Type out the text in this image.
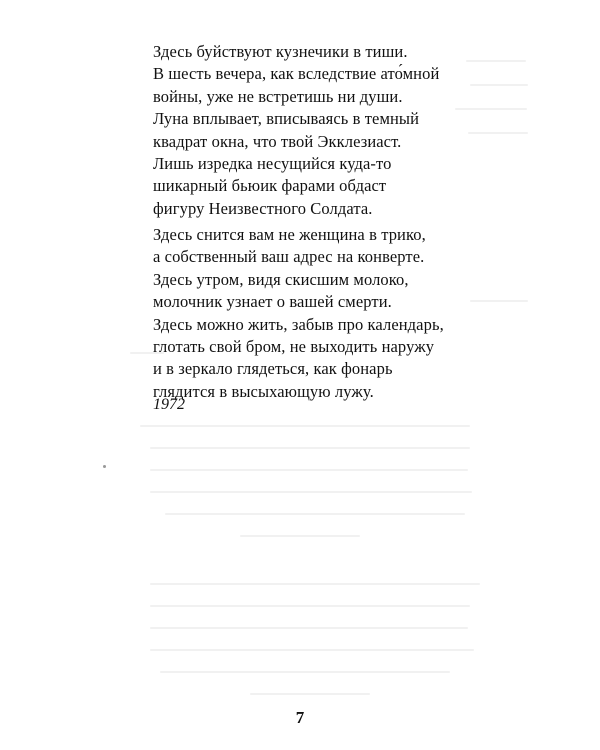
Здесь буйствуют кузнечики в тиши.
В шесть вечера, как вследствие ато́мной
войны, уже не встретишь ни души.
Луна вплывает, вписываясь в темный
квадрат окна, что твой Экклезиаст.
Лишь изредка несущийся куда-то
шикарный бьюик фарами обдаст
фигуру Неизвестного Солдата.
Здесь снится вам не женщина в трико,
а собственный ваш адрес на конверте.
Здесь утром, видя скисшим молоко,
молочник узнает о вашей смерти.
Здесь можно жить, забыв про календарь,
глотать свой бром, не выходить наружу
и в зеркало глядеться, как фонарь
глядится в высыхающую лужу.
1972
7
